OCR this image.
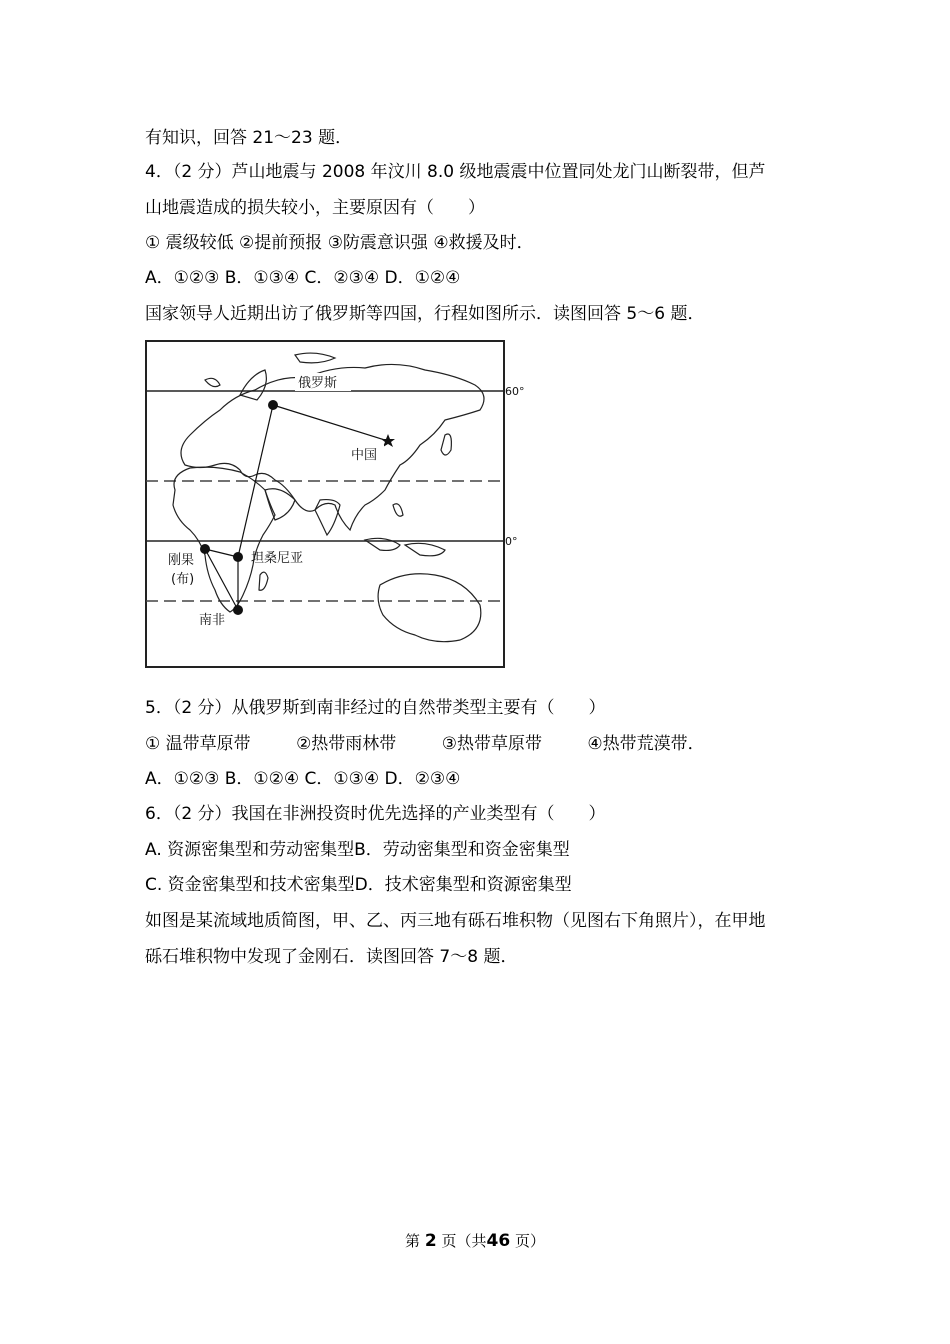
有知识，回答 21～23 题．
4．（2 分）芦山地震与 2008 年汶川 8.0 级地震震中位置同处龙门山断裂带，但芦
山地震造成的损失较小，主要原因有（　　）
① 震级较低 ②提前预报 ③防震意识强 ④救援及时．
A．①②③ B．①③④ C．②③④ D．①②④
国家领导人近期出访了俄罗斯等四国，行程如图所示．读图回答 5～6 题．
俄罗斯
中国
刚果
(布)
坦桑尼亚
南非
60°
0°
5．（2 分）从俄罗斯到南非经过的自然带类型主要有（　　）
① 温带草原带	②热带雨林带	③热带草原带	④热带荒漠带．
A．①②③ B．①②④ C．①③④ D．②③④
6．（2 分）我国在非洲投资时优先选择的产业类型有（　　）
A. 资源密集型和劳动密集型B．劳动密集型和资金密集型
C. 资金密集型和技术密集型D．技术密集型和资源密集型
如图是某流域地质简图，甲、乙、丙三地有砾石堆积物（见图右下角照片），在甲地
砾石堆积物中发现了金刚石．读图回答 7～8 题．
第 2 页（共46 页）
